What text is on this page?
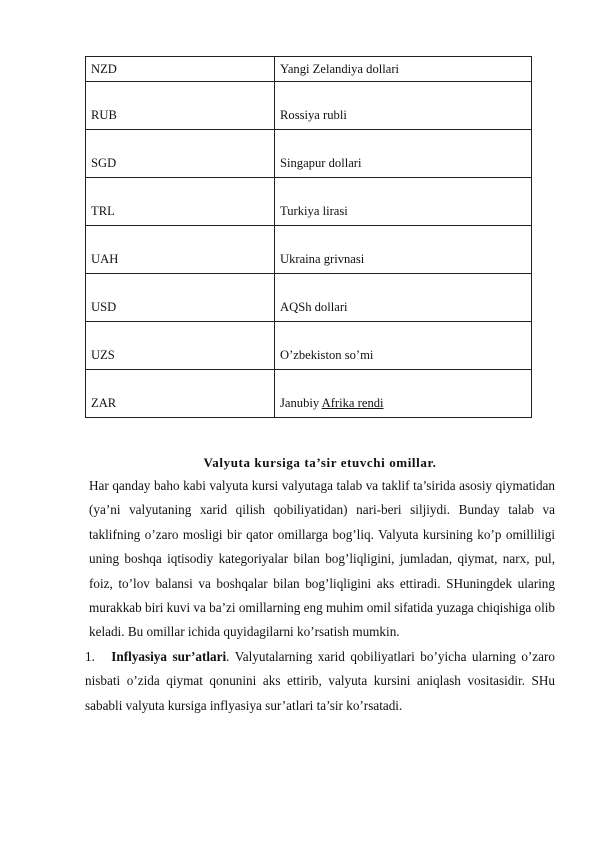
NZD	Yangi Zelandiya dollari
RUB	Rossiya rubli
SGD	Singapur dollari
TRL	Turkiya lirasi
UAH	Ukraina grivnasi
USD	AQSh dollari
UZS	O’zbekiston so’mi
ZAR	Janubiy Afrika rendi
Valyuta kursiga ta’sir etuvchi omillar.

Har qanday baho kabi valyuta kursi valyutaga talab va taklif ta’sirida asosiy qiymatidan (ya’ni valyutaning xarid qilish qobiliyatidan) nari-beri siljiydi. Bunday talab va taklifning o’zaro mosligi bir qator omillarga bog’liq. Valyuta kursining ko’p omilliligi uning boshqa iqtisodiy kategoriyalar bilan bog’liqligini, jumladan, qiymat, narx, pul, foiz, to’lov balansi va boshqalar bilan bog’liqligini aks ettiradi. SHuningdek ularing murakkab biri kuvi va ba’zi omillarning eng muhim omil sifatida yuzaga chiqishiga olib keladi. Bu omillar ichida quyidagilarni ko’rsatish mumkin.

1. Inflyasiya sur’atlari. Valyutalarning xarid qobiliyatlari bo’yicha ularning o’zaro nisbati o’zida qiymat qonunini aks ettirib, valyuta kursini aniqlash vositasidir. SHu sababli valyuta kursiga inflyasiya sur’atlari ta’sir ko’rsatadi.
